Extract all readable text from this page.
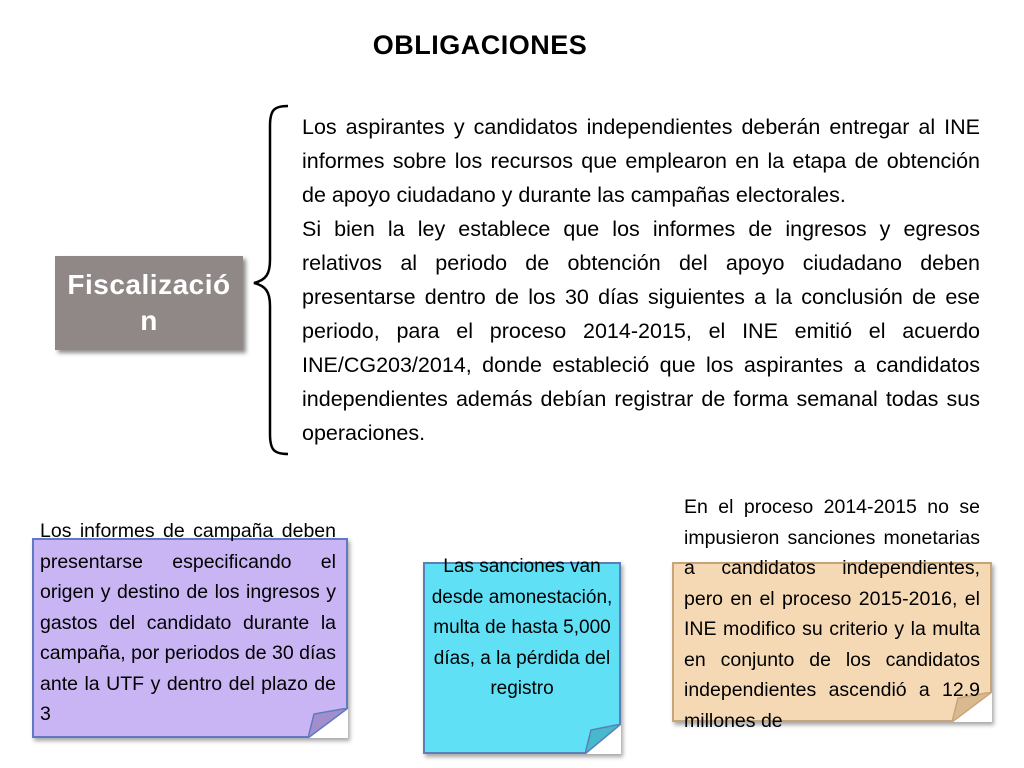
OBLIGACIONES
Fiscalización

Los aspirantes y candidatos independientes deberán entregar al INE informes sobre los recursos que emplearon en la etapa de obtención de apoyo ciudadano y durante las campañas electorales.

Si bien la ley establece que los informes de ingresos y egresos relativos al periodo de obtención del apoyo ciudadano deben presentarse dentro de los 30 días siguientes a la conclusión de ese periodo, para el proceso 2014-2015, el INE emitió el acuerdo INE/CG203/2014, donde estableció que los aspirantes a candidatos independientes además debían registrar de forma semanal todas sus operaciones.

Los informes de campaña deben presentarse especificando el origen y destino de los ingresos y gastos del candidato durante la campaña, por periodos de 30 días ante la UTF y dentro del plazo de 3

Las sanciones van desde amonestación, multa de hasta 5,000 días, a la pérdida del registro

En el proceso 2014-2015 no se impusieron sanciones monetarias a candidatos independientes, pero en el proceso 2015-2016, el INE modifico su criterio y la multa en conjunto de los candidatos independientes ascendió a 12.9 millones de
